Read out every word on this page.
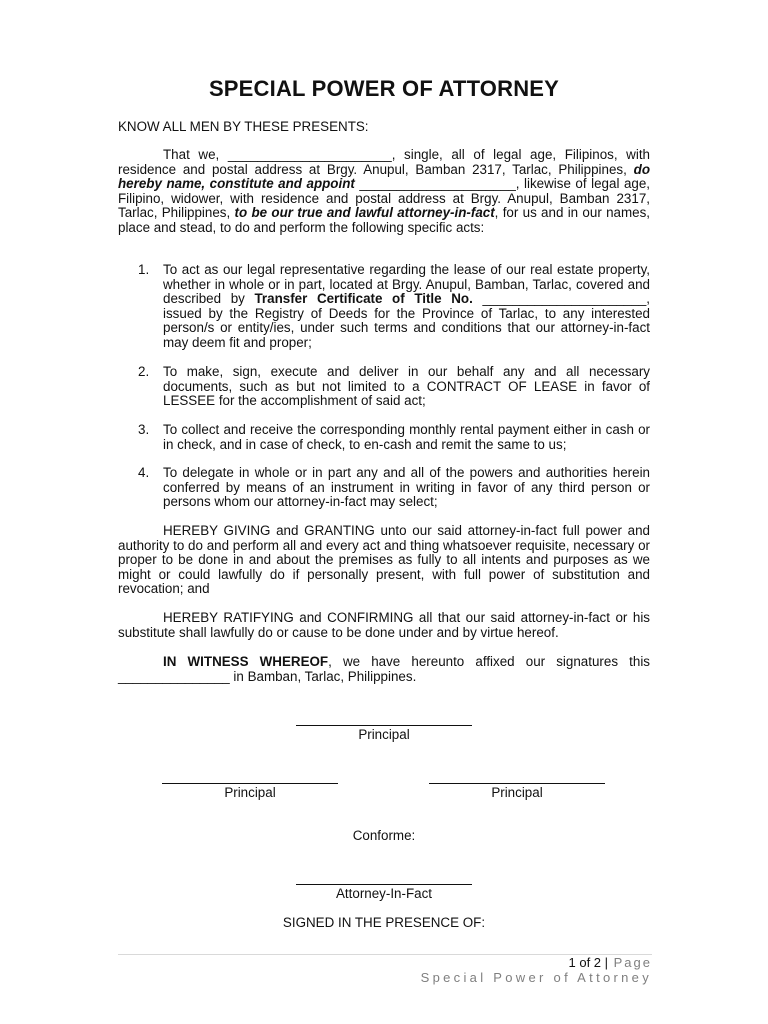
SPECIAL POWER OF ATTORNEY
KNOW ALL MEN BY THESE PRESENTS:
That we, ______________________, single, all of legal age, Filipinos, with residence and postal address at Brgy. Anupul, Bamban 2317, Tarlac, Philippines, do hereby name, constitute and appoint _____________________, likewise of legal age, Filipino, widower, with residence and postal address at Brgy. Anupul, Bamban 2317, Tarlac, Philippines, to be our true and lawful attorney-in-fact, for us and in our names, place and stead, to do and perform the following specific acts:
1.	To act as our legal representative regarding the lease of our real estate property, whether in whole or in part, located at Brgy. Anupul, Bamban, Tarlac, covered and described by Transfer Certificate of Title No. ______________________, issued by the Registry of Deeds for the Province of Tarlac, to any interested person/s or entity/ies, under such terms and conditions that our attorney-in-fact may deem fit and proper;
2.	To make, sign, execute and deliver in our behalf any and all necessary documents, such as but not limited to a CONTRACT OF LEASE in favor of LESSEE for the accomplishment of said act;
3.	To collect and receive the corresponding monthly rental payment either in cash or in check, and in case of check, to en-cash and remit the same to us;
4.	To delegate in whole or in part any and all of the powers and authorities herein conferred by means of an instrument in writing in favor of any third person or persons whom our attorney-in-fact may select;
HEREBY GIVING and GRANTING unto our said attorney-in-fact full power and authority to do and perform all and every act and thing whatsoever requisite, necessary or proper to be done in and about the premises as fully to all intents and purposes as we might or could lawfully do if personally present, with full power of substitution and revocation; and
HEREBY RATIFYING and CONFIRMING all that our said attorney-in-fact or his substitute shall lawfully do or cause to be done under and by virtue hereof.
IN WITNESS WHEREOF, we have hereunto affixed our signatures this _______________ in Bamban, Tarlac, Philippines.
Principal
Principal	Principal
Conforme:
Attorney-In-Fact
SIGNED IN THE PRESENCE OF:
1 of 2 | Page
Special Power of Attorney
